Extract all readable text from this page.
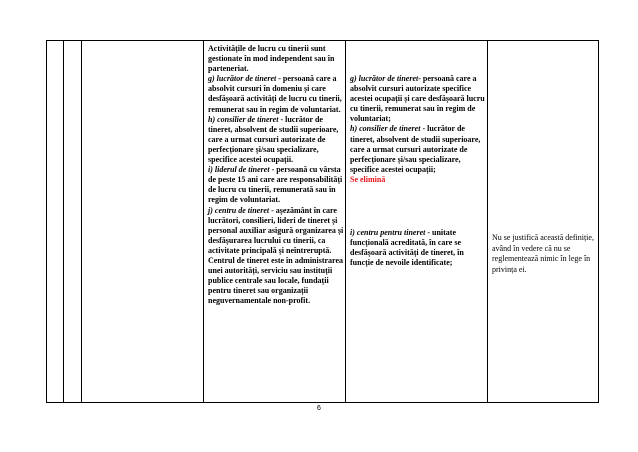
Activitățile de lucru cu tinerii sunt gestionate în mod independent sau în parteneriat.

g) lucrător de tineret - persoană care a absolvit cursuri în domeniu și care desfășoară activități de lucru cu tinerii, remunerat sau în regim de voluntariat.

h) consilier de tineret - lucrător de tineret, absolvent de studii superioare, care a urmat cursuri autorizate de perfecționare și/sau specializare, specifice acestei ocupații.

i) liderul de tineret - persoană cu vârsta de peste 15 ani care are responsabilități de lucru cu tinerii, remunerată sau în regim de voluntariat.

j) centru de tineret - așezământ în care lucrători, consilieri, lideri de tineret și personal auxiliar asigură organizarea și desfășurarea lucrului cu tinerii, ca activitate principală și neîntreruptă. Centrul de tineret este în administrarea unei autorități, serviciu sau instituții publice centrale sau locale, fundații pentru tineret sau organizații neguvernamentale non-profit.

g) lucrător de tineret- persoană care a absolvit cursuri autorizate specifice acestei ocupații și care desfășoară lucru cu tinerii, remunerat sau în regim de voluntariat;

h) consilier de tineret - lucrător de tineret, absolvent de studii superioare, care a urmat cursuri autorizate de perfecționare și/sau specializare, specifice acestei ocupații;

Se elimină

i) centru pentru tineret - unitate funcțională acreditată, în care se desfășoară activități de tineret, în funcție de nevoile identificate;

Nu se justifică această definiție, având în vedere că nu se reglementează nimic în lege în privința ei.

6
